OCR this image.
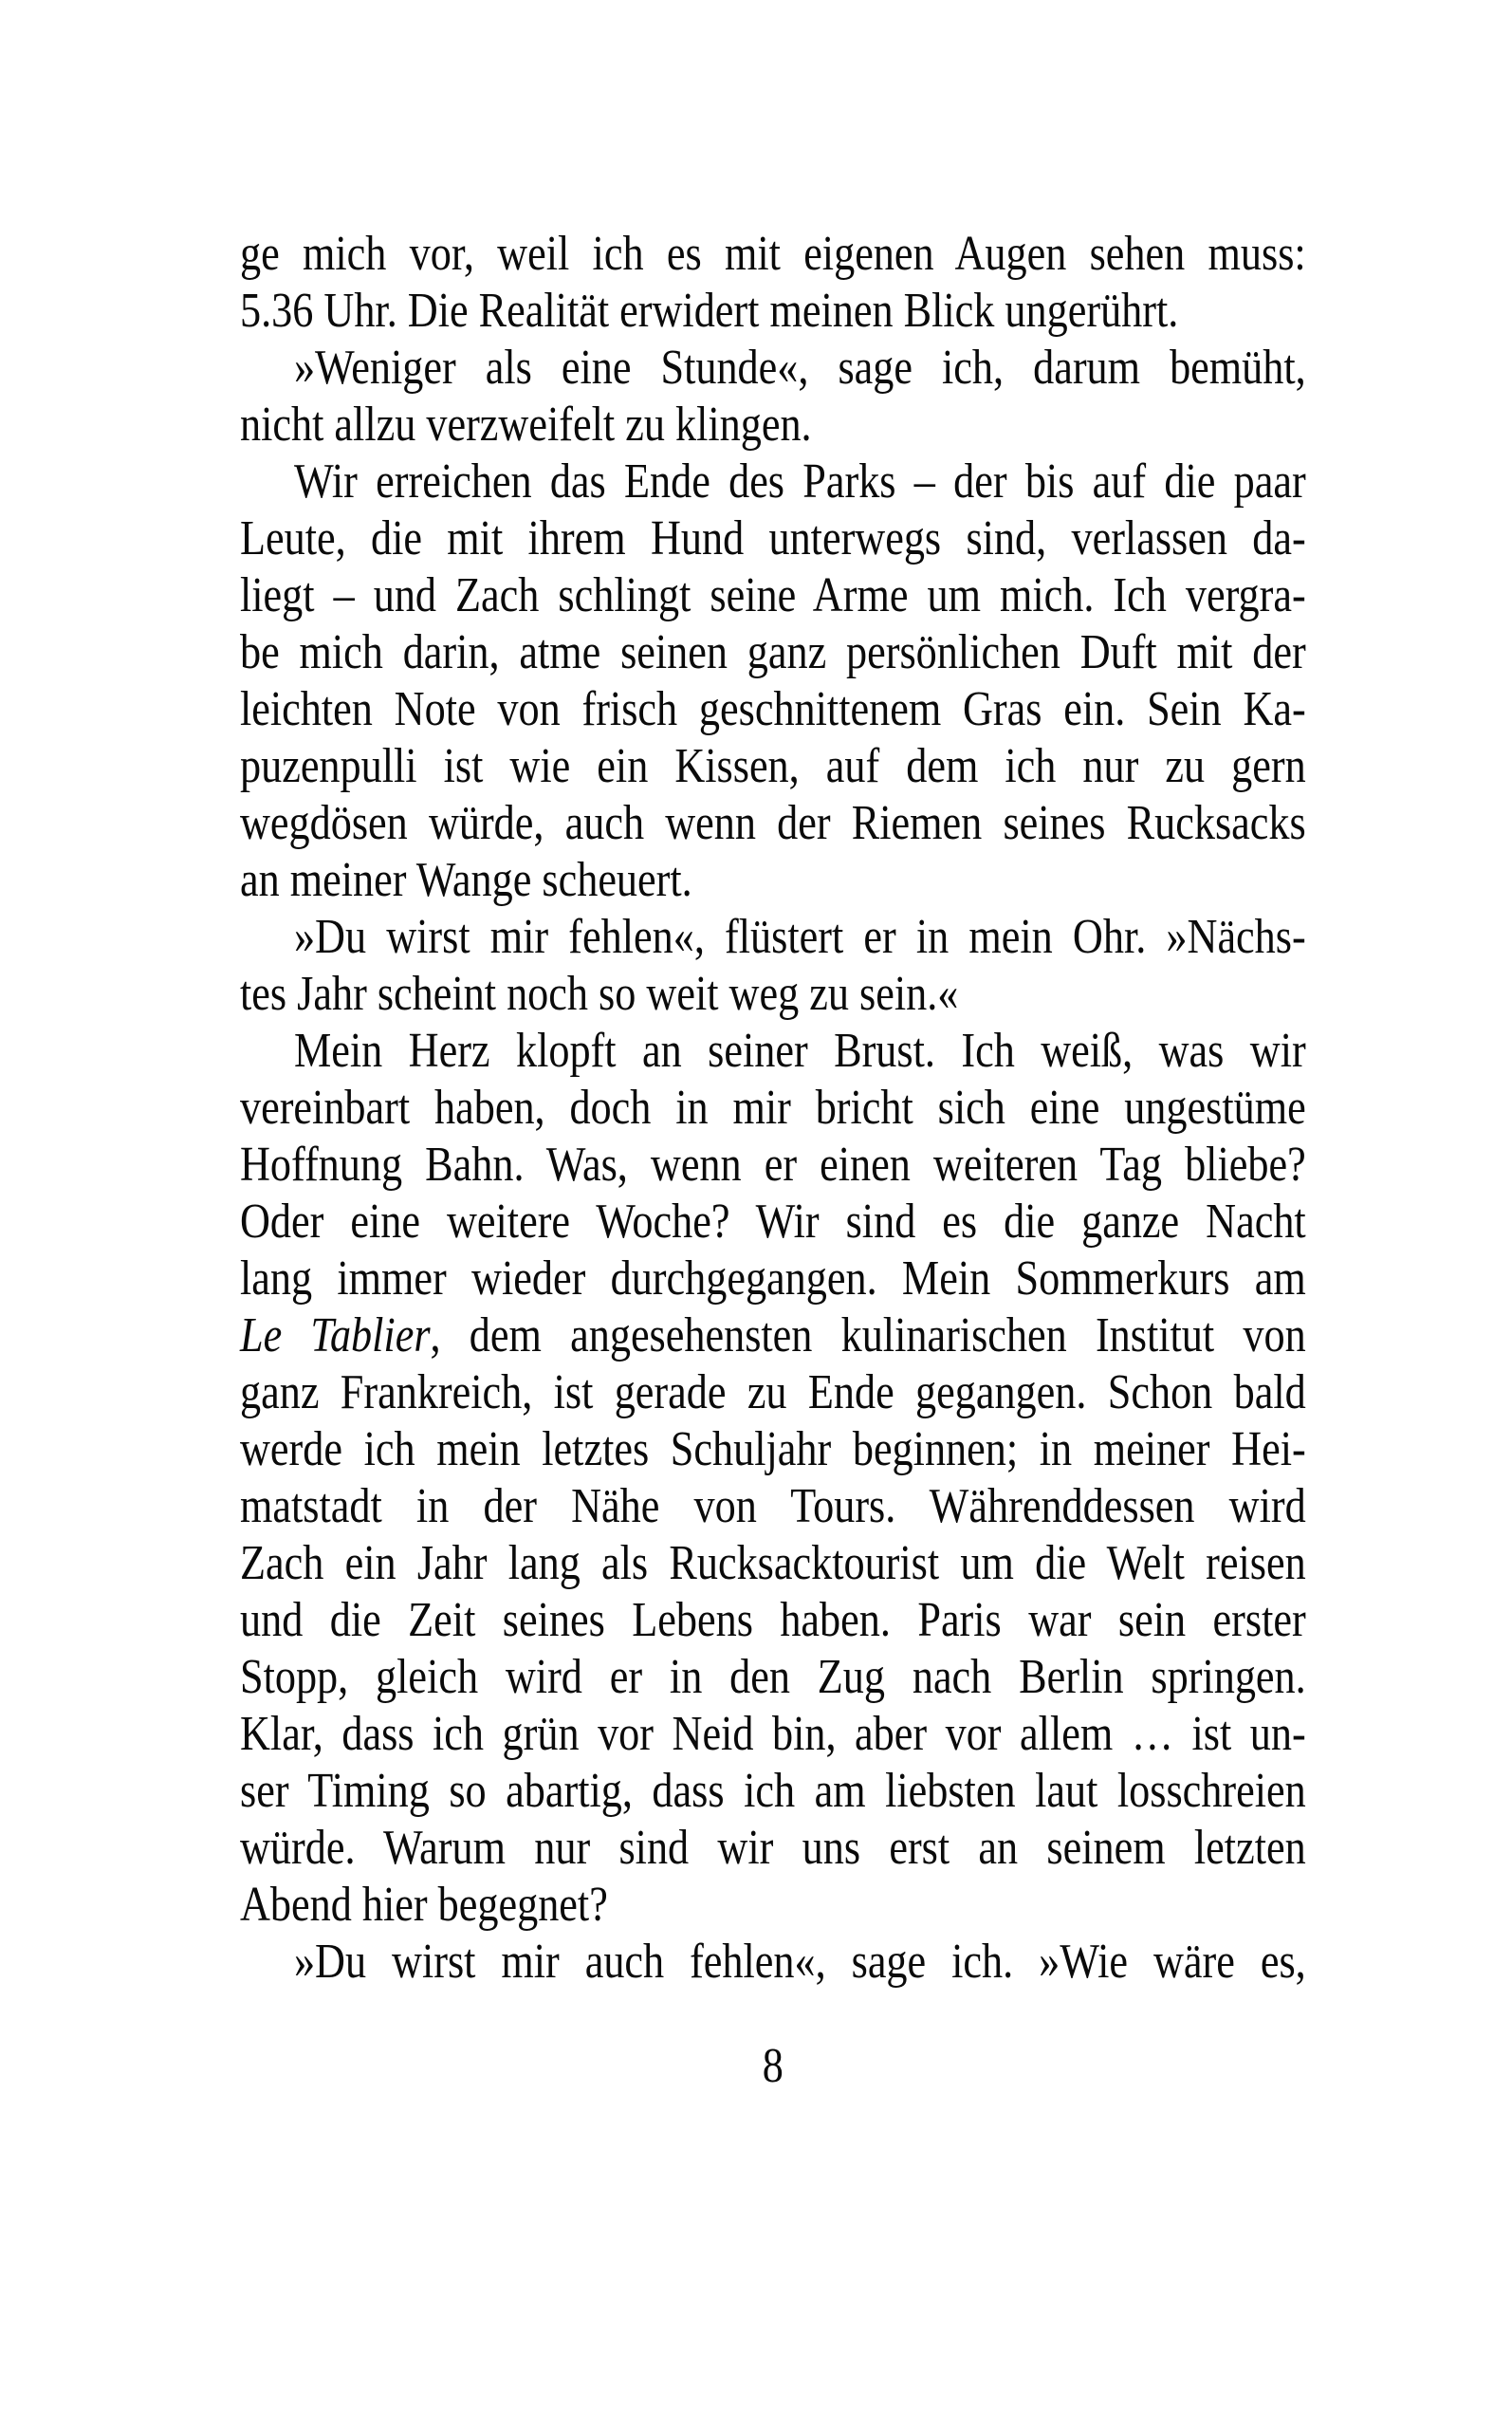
ge mich vor, weil ich es mit eigenen Augen sehen muss:
5.36 Uhr. Die Realität erwidert meinen Blick ungerührt.
»Weniger als eine Stunde«, sage ich, darum bemüht,
nicht allzu verzweifelt zu klingen.
Wir erreichen das Ende des Parks – der bis auf die paar
Leute, die mit ihrem Hund unterwegs sind, verlassen da-
liegt – und Zach schlingt seine Arme um mich. Ich vergra-
be mich darin, atme seinen ganz persönlichen Duft mit der
leichten Note von frisch geschnittenem Gras ein. Sein Ka-
puzenpulli ist wie ein Kissen, auf dem ich nur zu gern
wegdösen würde, auch wenn der Riemen seines Rucksacks
an meiner Wange scheuert.
»Du wirst mir fehlen«, flüstert er in mein Ohr. »Nächs-
tes Jahr scheint noch so weit weg zu sein.«
Mein Herz klopft an seiner Brust. Ich weiß, was wir
vereinbart haben, doch in mir bricht sich eine ungestüme
Hoffnung Bahn. Was, wenn er einen weiteren Tag bliebe?
Oder eine weitere Woche? Wir sind es die ganze Nacht
lang immer wieder durchgegangen. Mein Sommerkurs am
Le Tablier, dem angesehensten kulinarischen Institut von
ganz Frankreich, ist gerade zu Ende gegangen. Schon bald
werde ich mein letztes Schuljahr beginnen; in meiner Hei-
matstadt in der Nähe von Tours. Währenddessen wird
Zach ein Jahr lang als Rucksacktourist um die Welt reisen
und die Zeit seines Lebens haben. Paris war sein erster
Stopp, gleich wird er in den Zug nach Berlin springen.
Klar, dass ich grün vor Neid bin, aber vor allem … ist un-
ser Timing so abartig, dass ich am liebsten laut losschreien
würde. Warum nur sind wir uns erst an seinem letzten
Abend hier begegnet?
»Du wirst mir auch fehlen«, sage ich. »Wie wäre es,
8
